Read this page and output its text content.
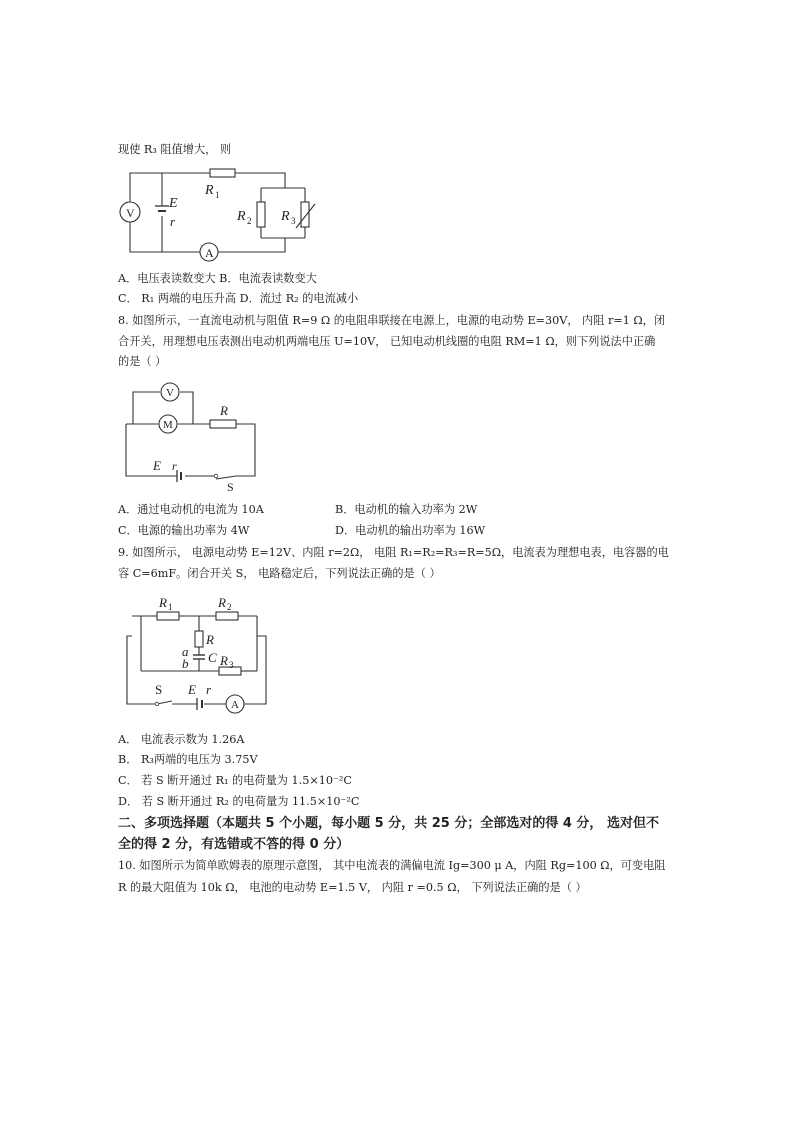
现使 R₃ 阻值增大， 则
V
A
E
r
R 1
R 2 R 3
A．电压表读数变大 B．电流表读数变大
C． R₁ 两端的电压升高 D．流过 R₂ 的电流减小
8. 如图所示，一直流电动机与阻值 R=9 Ω 的电阻串联接在电源上，电源的电动势 E=30V， 内阻 r=1 Ω，闭
合开关，用理想电压表测出电动机两端电压 U=10V， 已知电动机线圈的电阻 RM=1 Ω，则下列说法中正确
的是（ ）
V
M
R
E r
S
A．通过电动机的电流为 10A	B．电动机的输入功率为 2W
C．电源的输出功率为 4W	D．电动机的输出功率为 16W
9. 如图所示， 电源电动势 E=12V、内阻 r=2Ω， 电阻 R₁=R₂=R₃=R=5Ω，电流表为理想电表，电容器的电
容 C=6mF。闭合开关 S， 电路稳定后，下列说法正确的是（ ）
R 1	R 2
R
a
b C R 3
S E r
A
A． 电流表示数为 1.26A
B． R₃两端的电压为 3.75V
C． 若 S 断开通过 R₁ 的电荷量为 1.5×10⁻²C
D． 若 S 断开通过 R₂ 的电荷量为 11.5×10⁻²C
二、多项选择题（本题共 5 个小题，每小题 5 分，共 25 分；全部选对的得 4 分， 选对但不
全的得 2 分，有选错或不答的得 0 分）
10. 如图所示为简单欧姆表的原理示意图， 其中电流表的满偏电流 Ig=300 μ A，内阻 Rg=100 Ω，可变电阻
R 的最大阻值为 10k Ω， 电池的电动势 E=1.5 V， 内阻 r =0.5 Ω， 下列说法正确的是（ ）
